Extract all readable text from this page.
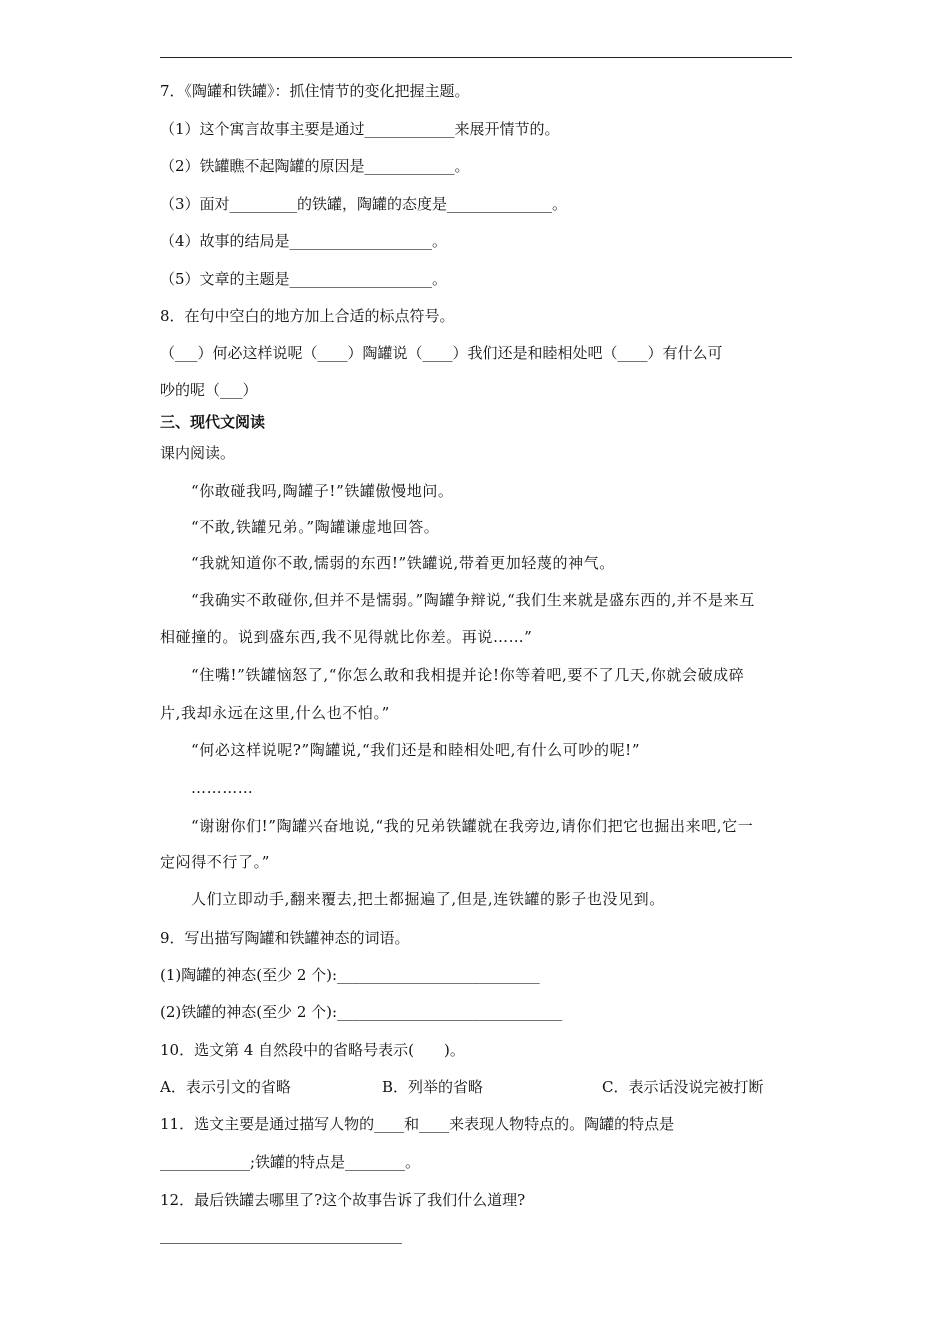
7．《陶罐和铁罐》：抓住情节的变化把握主题。
（1）这个寓言故事主要是通过____________来展开情节的。
（2）铁罐瞧不起陶罐的原因是____________。
（3）面对_________的铁罐，陶罐的态度是______________。
（4）故事的结局是___________________。
（5）文章的主题是___________________。
8．在句中空白的地方加上合适的标点符号。
（___）何必这样说呢（____）陶罐说（____）我们还是和睦相处吧（____）有什么可
吵的呢（___）
三、现代文阅读
课内阅读。
“你敢碰我吗,陶罐子!”铁罐傲慢地问。
“不敢,铁罐兄弟。”陶罐谦虚地回答。
“我就知道你不敢,懦弱的东西!”铁罐说,带着更加轻蔑的神气。
“我确实不敢碰你,但并不是懦弱。”陶罐争辩说,“我们生来就是盛东西的,并不是来互
相碰撞的。说到盛东西,我不见得就比你差。再说……”
“住嘴!”铁罐恼怒了,“你怎么敢和我相提并论!你等着吧,要不了几天,你就会破成碎
片,我却永远在这里,什么也不怕。”
“何必这样说呢?”陶罐说,“我们还是和睦相处吧,有什么可吵的呢!”
…………
“谢谢你们!”陶罐兴奋地说,“我的兄弟铁罐就在我旁边,请你们把它也掘出来吧,它一
定闷得不行了。”
人们立即动手,翻来覆去,把土都掘遍了,但是,连铁罐的影子也没见到。
9．写出描写陶罐和铁罐神态的词语。
(1)陶罐的神态(至少 2 个):___________________________
(2)铁罐的神态(至少 2 个):______________________________
10．选文第 4 自然段中的省略号表示(　　)。
A．表示引文的省略	B．列举的省略	C．表示话没说完被打断
11．选文主要是通过描写人物的____和____来表现人物特点的。陶罐的特点是
____________;铁罐的特点是________。
12．最后铁罐去哪里了?这个故事告诉了我们什么道理?
